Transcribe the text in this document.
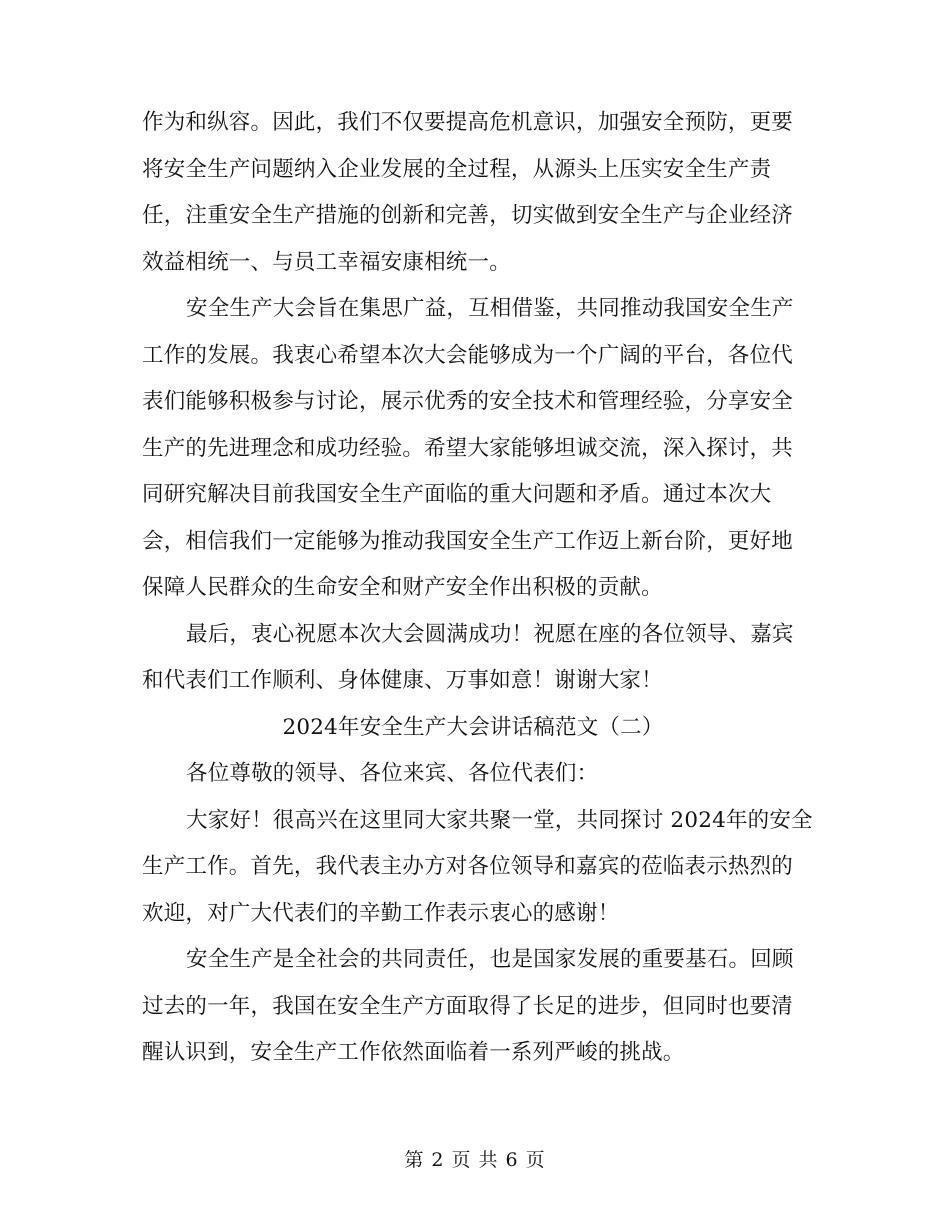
作为和纵容。因此，我们不仅要提高危机意识，加强安全预防，更要
将安全生产问题纳入企业发展的全过程，从源头上压实安全生产责
任，注重安全生产措施的创新和完善，切实做到安全生产与企业经济
效益相统一、与员工幸福安康相统一。
安全生产大会旨在集思广益，互相借鉴，共同推动我国安全生产
工作的发展。我衷心希望本次大会能够成为一个广阔的平台，各位代
表们能够积极参与讨论，展示优秀的安全技术和管理经验，分享安全
生产的先进理念和成功经验。希望大家能够坦诚交流，深入探讨，共
同研究解决目前我国安全生产面临的重大问题和矛盾。通过本次大
会，相信我们一定能够为推动我国安全生产工作迈上新台阶，更好地
保障人民群众的生命安全和财产安全作出积极的贡献。
最后，衷心祝愿本次大会圆满成功！祝愿在座的各位领导、嘉宾
和代表们工作顺利、身体健康、万事如意！谢谢大家！
2024年安全生产大会讲话稿范文（二）
各位尊敬的领导、各位来宾、各位代表们：
大家好！很高兴在这里同大家共聚一堂，共同探讨 2024年的安全
生产工作。首先，我代表主办方对各位领导和嘉宾的莅临表示热烈的
欢迎，对广大代表们的辛勤工作表示衷心的感谢！
安全生产是全社会的共同责任，也是国家发展的重要基石。回顾
过去的一年，我国在安全生产方面取得了长足的进步，但同时也要清
醒认识到，安全生产工作依然面临着一系列严峻的挑战。
第 2 页 共 6 页
